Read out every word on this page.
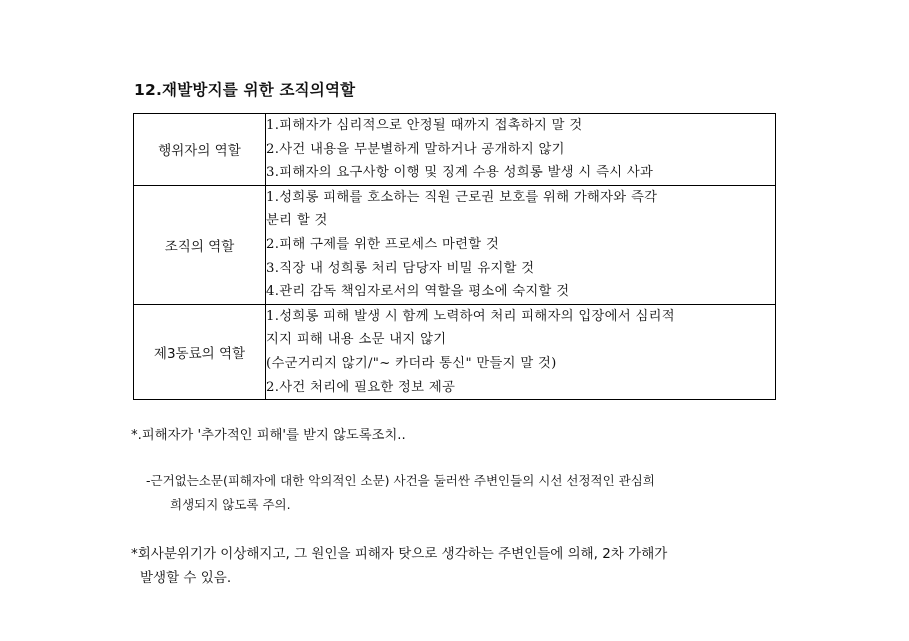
12.재발방지를 위한 조직의역할
행위자의 역할	1.피해자가 심리적으로 안정될 때까지 접촉하지 말 것
2.사건 내용을 무분별하게 말하거나 공개하지 않기
3.피해자의 요구사항 이행 및 징계 수용 성희롱 발생 시 즉시 사과

조직의 역할	1.성희롱 피해를 호소하는 직원 근로권 보호를 위해 가해자와 즉각
분리 할 것
2.피해 구제를 위한 프로세스 마련할 것
3.직장 내 성희롱 처리 담당자 비밀 유지할 것
4.관리 감독 책임자로서의 역할을 평소에 숙지할 것

제3동료의 역할	1.성희롱 피해 발생 시 함께 노력하여 처리 피해자의 입장에서 심리적
지지 피해 내용 소문 내지 않기
(수군거리지 않기/"~ 카더라 통신" 만들지 말 것)
2.사건 처리에 필요한 정보 제공
*.피해자가 '추가적인 피해'를 받지 않도록조치..
-근거없는소문(피해자에 대한 악의적인 소문) 사건을 둘러싼 주변인들의 시선 선정적인 관심희
희생되지 않도록 주의.
*회사분위기가 이상해지고, 그 원인을 피해자 탓으로 생각하는 주변인들에 의해, 2차 가해가
발생할 수 있음.
